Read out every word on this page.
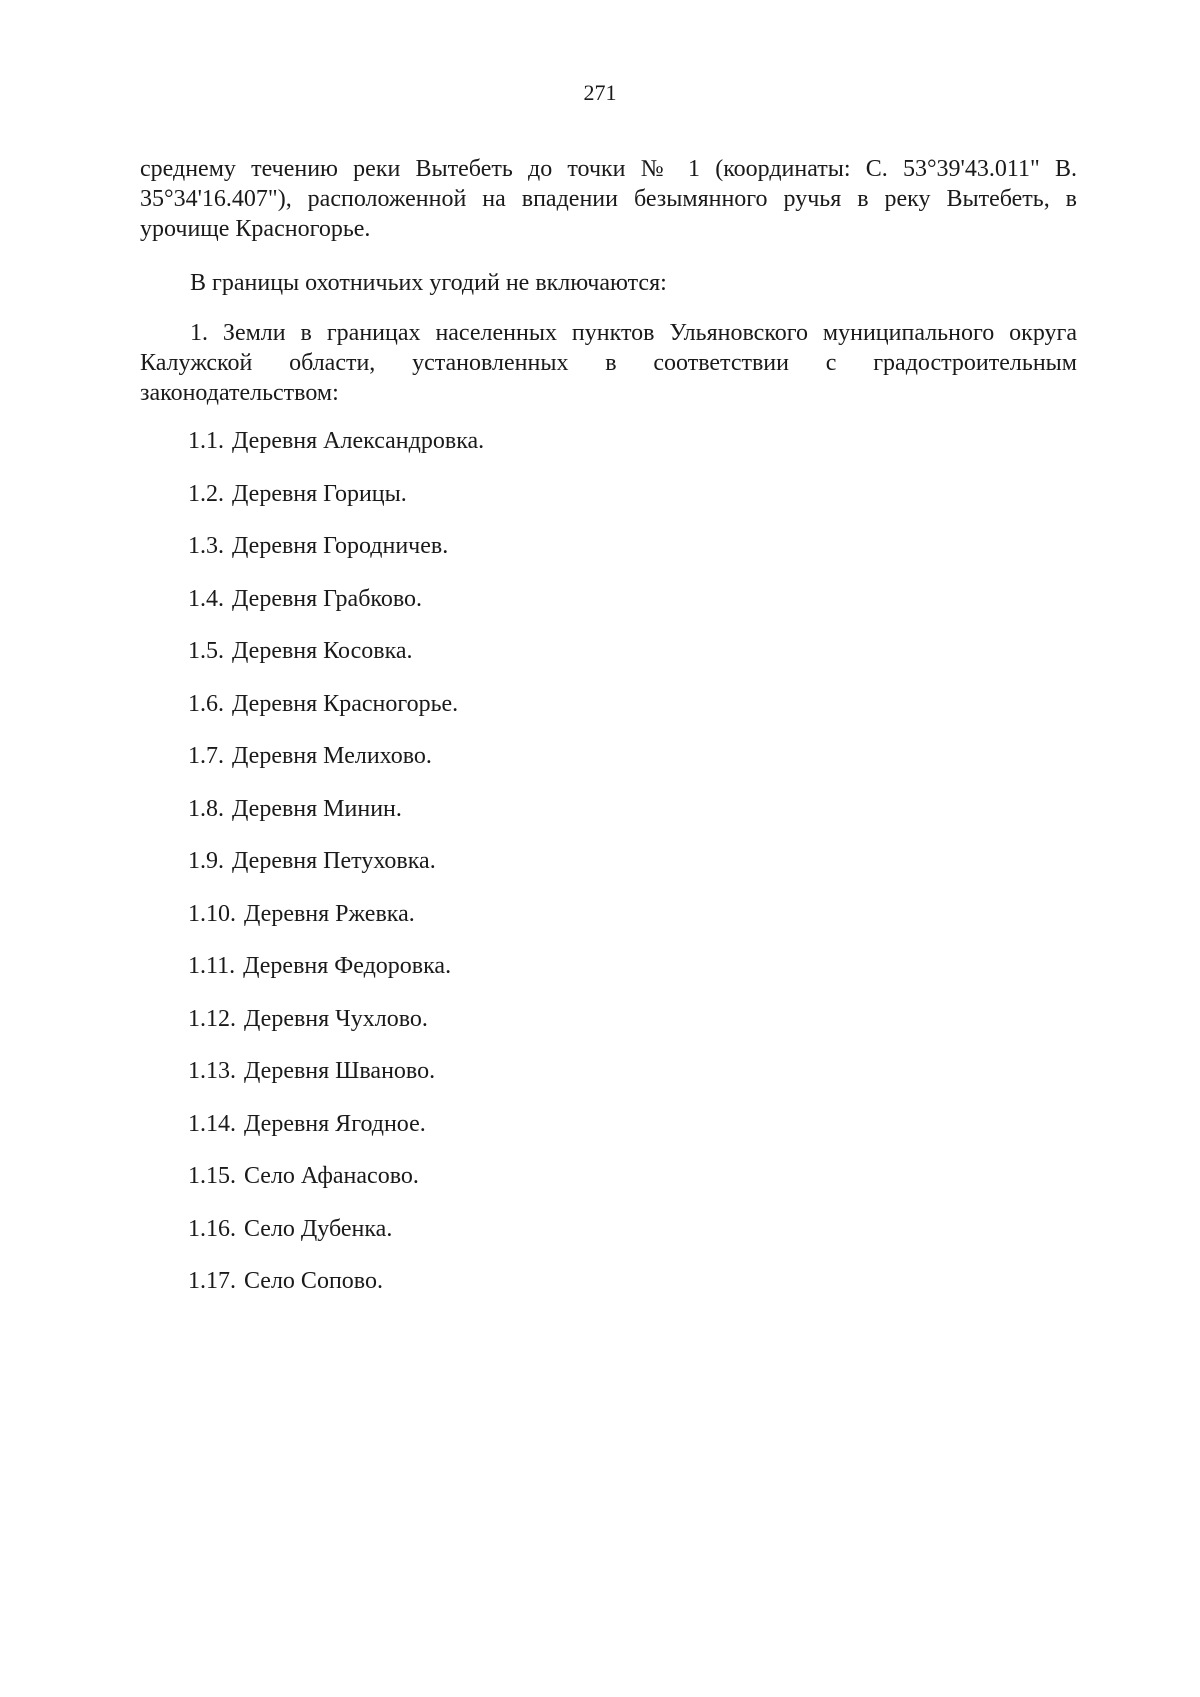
271

среднему течению реки Вытебеть до точки № 1 (координаты: С. 53°39'43.011" В. 35°34'16.407"), расположенной на впадении безымянного ручья в реку Вытебеть, в урочище Красногорье.

В границы охотничьих угодий не включаются:

1. Земли в границах населенных пунктов Ульяновского муниципального округа Калужской области, установленных в соответствии с градостроительным законодательством:

1.1. Деревня Александровка.
1.2. Деревня Горицы.
1.3. Деревня Городничев.
1.4. Деревня Грабково.
1.5. Деревня Косовка.
1.6. Деревня Красногорье.
1.7. Деревня Мелихово.
1.8. Деревня Минин.
1.9. Деревня Петуховка.
1.10. Деревня Ржевка.
1.11. Деревня Федоровка.
1.12. Деревня Чухлово.
1.13. Деревня Шваново.
1.14. Деревня Ягодное.
1.15. Село Афанасово.
1.16. Село Дубенка.
1.17. Село Сопово.
